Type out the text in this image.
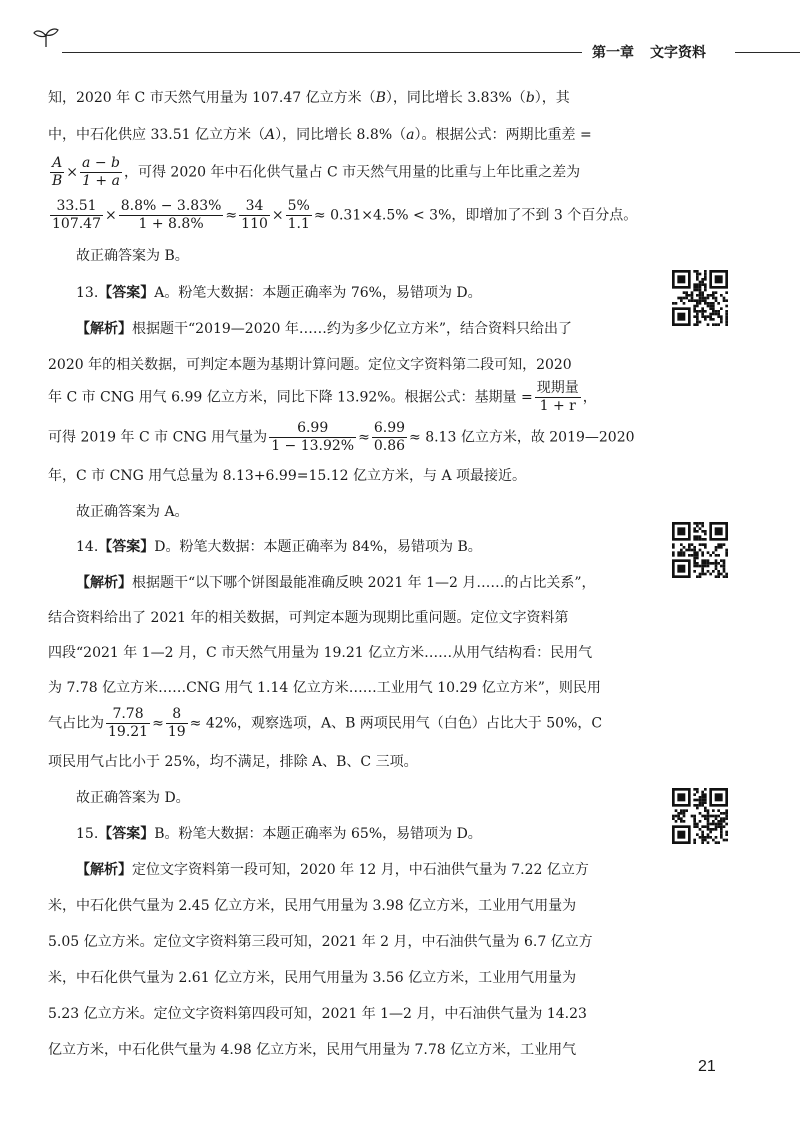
第一章 文字资料
知，2020 年 C 市天然气用量为 107.47 亿立方米（B），同比增长 3.83%（b），其
中，中石化供应 33.51 亿立方米（A），同比增长 8.8%（a）。根据公式：两期比重差 =
$\frac{A}{B} \times \frac{a - b}{1 + a}$ ，可得 2020 年中石化供气量占 C 市天然气用量的比重与上年比重之差为
$\frac{33.51}{107.47} \times \frac{8.8\% - 3.83\%}{1 + 8.8\%} \approx \frac{34}{110} \times \frac{5\%}{1.1} \approx 0.31\times 4.5\% < 3\%$，即增加了不到 3 个百分点。
故正确答案为 B。
13.【答案】A。粉笔大数据：本题正确率为 76%，易错项为 D。
【解析】根据题干“2019—2020 年……约为多少亿立方米”，结合资料只给出了
2020 年的相关数据，可判定本题为基期计算问题。定位文字资料第二段可知，2020
年 C 市 CNG 用气 6.99 亿立方米，同比下降 13.92%。根据公式：基期量 = $\frac{\text{现期量}}{1 + r}$ ，
可得 2019 年 C 市 CNG 用气量为 $\frac{6.99}{1 - 13.92\%} \approx \frac{6.99}{0.86} \approx 8.13$ 亿立方米，故 2019—2020
年，C 市 CNG 用气总量为 8.13+6.99=15.12 亿立方米，与 A 项最接近。
故正确答案为 A。
14.【答案】D。粉笔大数据：本题正确率为 84%，易错项为 B。
【解析】根据题干“以下哪个饼图最能准确反映 2021 年 1—2 月……的占比关系”，
结合资料给出了 2021 年的相关数据，可判定本题为现期比重问题。定位文字资料第
四段“2021 年 1—2 月，C 市天然气用量为 19.21 亿立方米……从用气结构看：民用气
为 7.78 亿立方米……CNG 用气 1.14 亿立方米……工业用气 10.29 亿立方米”，则民用
气占比为 $\frac{7.78}{19.21} \approx \frac{8}{19} \approx 42\%$，观察选项，A、B 两项民用气（白色）占比大于 50%，C
项民用气占比小于 25%，均不满足，排除 A、B、C 三项。
故正确答案为 D。
15.【答案】B。粉笔大数据：本题正确率为 65%，易错项为 D。
【解析】定位文字资料第一段可知，2020 年 12 月，中石油供气量为 7.22 亿立方
米，中石化供气量为 2.45 亿立方米，民用气用量为 3.98 亿立方米，工业用气用量为
5.05 亿立方米。定位文字资料第三段可知，2021 年 2 月，中石油供气量为 6.7 亿立方
米，中石化供气量为 2.61 亿立方米，民用气用量为 3.56 亿立方米，工业用气用量为
5.23 亿立方米。定位文字资料第四段可知，2021 年 1—2 月，中石油供气量为 14.23
亿立方米，中石化供气量为 4.98 亿立方米，民用气用量为 7.78 亿立方米，工业用气
21
